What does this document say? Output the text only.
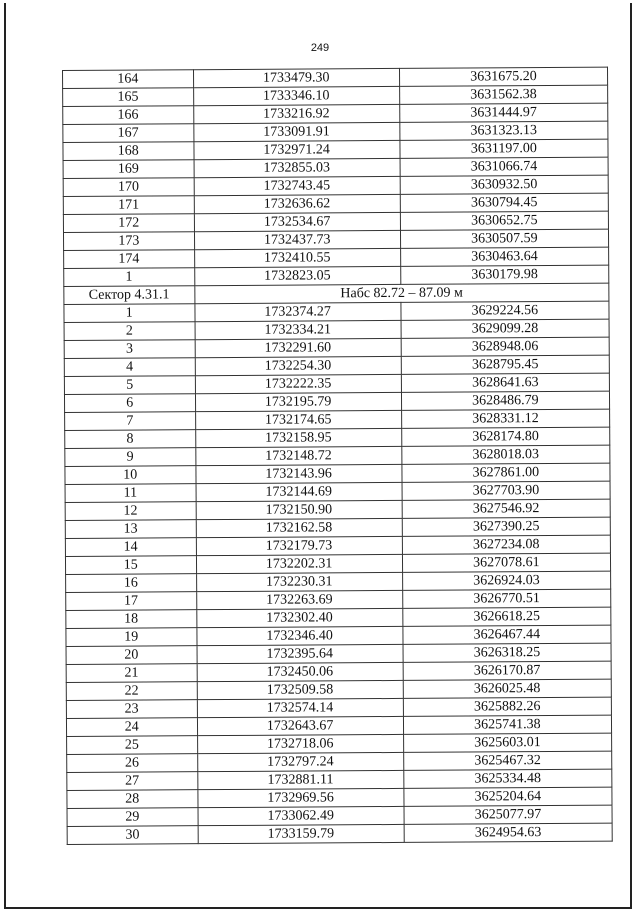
249
164	1733479.30	3631675.20
165	1733346.10	3631562.38
166	1733216.92	3631444.97
167	1733091.91	3631323.13
168	1732971.24	3631197.00
169	1732855.03	3631066.74
170	1732743.45	3630932.50
171	1732636.62	3630794.45
172	1732534.67	3630652.75
173	1732437.73	3630507.59
174	1732410.55	3630463.64
1	1732823.05	3630179.98
Сектор 4.31.1	Набс 82.72 – 87.09 м	
1	1732374.27	3629224.56
2	1732334.21	3629099.28
3	1732291.60	3628948.06
4	1732254.30	3628795.45
5	1732222.35	3628641.63
6	1732195.79	3628486.79
7	1732174.65	3628331.12
8	1732158.95	3628174.80
9	1732148.72	3628018.03
10	1732143.96	3627861.00
11	1732144.69	3627703.90
12	1732150.90	3627546.92
13	1732162.58	3627390.25
14	1732179.73	3627234.08
15	1732202.31	3627078.61
16	1732230.31	3626924.03
17	1732263.69	3626770.51
18	1732302.40	3626618.25
19	1732346.40	3626467.44
20	1732395.64	3626318.25
21	1732450.06	3626170.87
22	1732509.58	3626025.48
23	1732574.14	3625882.26
24	1732643.67	3625741.38
25	1732718.06	3625603.01
26	1732797.24	3625467.32
27	1732881.11	3625334.48
28	1732969.56	3625204.64
29	1733062.49	3625077.97
30	1733159.79	3624954.63
